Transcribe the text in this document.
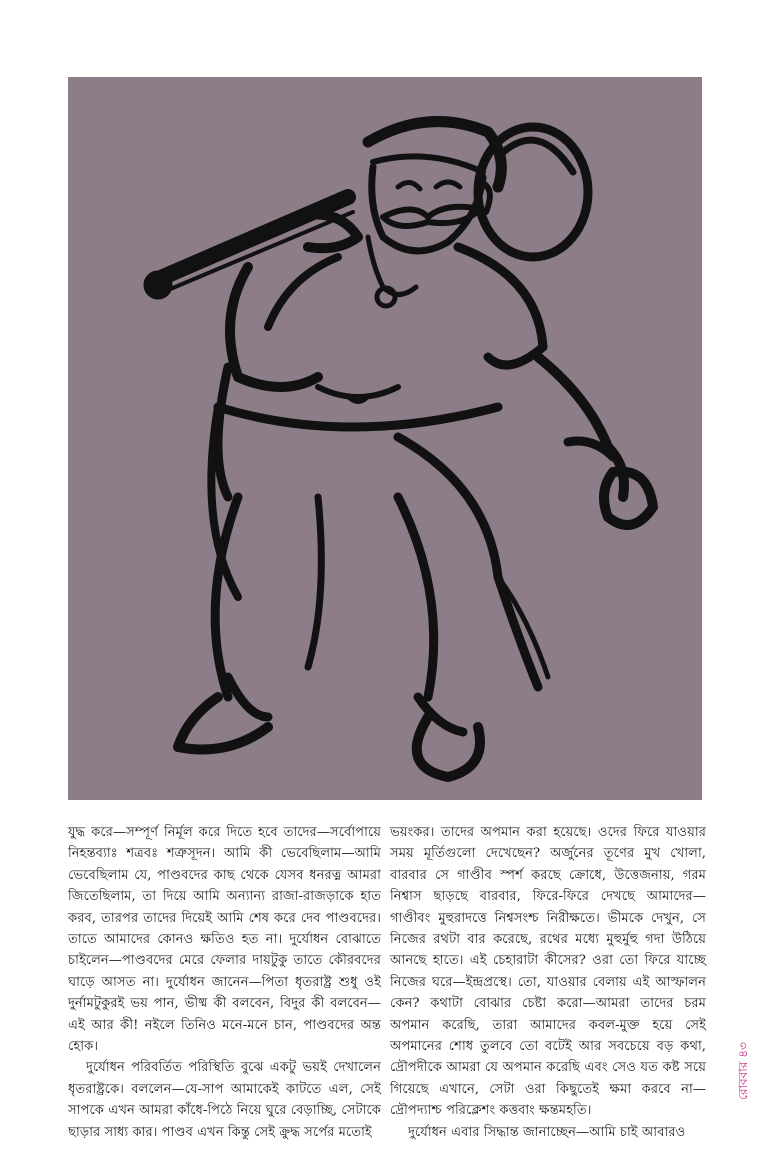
যুদ্ধ করে—সম্পূর্ণ নির্মূল করে দিতে হবে তাদের—সর্বোপায়ে নিহন্তব্যাঃ শত্রবঃ শত্রুসূদন। আমি কী ভেবেছিলাম—আমি ভেবেছিলাম যে, পাণ্ডবদের কাছ থেকে যেসব ধনরত্ন আমরা জিতেছিলাম, তা দিয়ে আমি অন্যান্য রাজা-রাজড়াকে হাত করব, তারপর তাদের দিয়েই আমি শেষ করে দেব পাণ্ডবদের। তাতে আমাদের কোনও ক্ষতিও হত না। দুর্যোধন বোঝাতে চাইলেন—পাণ্ডবদের মেরে ফেলার দায়টুকু তাতে কৌরবদের ঘাড়ে আসত না। দুর্যোধন জানেন—পিতা ধৃতরাষ্ট্র শুধু ওই দুর্নামটুকুরই ভয় পান, ভীষ্ম কী বলবেন, বিদুর কী বলবেন—এই আর কী! নইলে তিনিও মনে-মনে চান, পাণ্ডবদের অন্ত হোক।

দুর্যোধন পরিবর্তিত পরিস্থিতি বুঝে একটু ভয়ই দেখালেন ধৃতরাষ্ট্রকে। বললেন—যে-সাপ আমাকেই কাটতে এল, সেই সাপকে এখন আমরা কাঁধে-পিঠে নিয়ে ঘুরে বেড়াচ্ছি, সেটাকে ছাড়ার সাধ্য কার। পাণ্ডব এখন কিন্তু সেই ক্রুদ্ধ সর্পের মতোই

ভয়ংকর। তাদের অপমান করা হয়েছে। ওদের ফিরে যাওয়ার সময় মূর্তিগুলো দেখেছেন? অর্জুনের তূণের মুখ খোলা, বারবার সে গাণ্ডীব স্পর্শ করছে ক্রোধে, উত্তেজনায়, গরম নিশ্বাস ছাড়ছে বারবার, ফিরে-ফিরে দেখছে আমাদের—গাণ্ডীবং মুহুরাদত্তে নিশ্বসংশ্চ নিরীক্ষতে। ভীমকে দেখুন, সে নিজের রথটা বার করেছে, রথের মধ্যে মুহুর্মুহু গদা উঠিয়ে আনছে হাতে। এই চেহারাটা কীসের? ওরা তো ফিরে যাচ্ছে নিজের ঘরে—ইন্দ্রপ্রস্থে। তো, যাওয়ার বেলায় এই আস্ফালন কেন? কথাটা বোঝার চেষ্টা করো—আমরা তাদের চরম অপমান করেছি, তারা আমাদের কবল-মুক্ত হয়ে সেই অপমানের শোধ তুলবে তো বটেই আর সবচেয়ে বড় কথা, দ্রৌপদীকে আমরা যে অপমান করেছি এবং সেও যত কষ্ট সয়ে গিয়েছে এখানে, সেটা ওরা কিছুতেই ক্ষমা করবে না—দ্রৌপদ্যাশ্চ পরিক্লেশং কত্তবাং ক্ষন্তমহতি।

দুর্যোধন এবার সিদ্ধান্ত জানাচ্ছেন—আমি চাই আবারও

রোববার ৪৩
